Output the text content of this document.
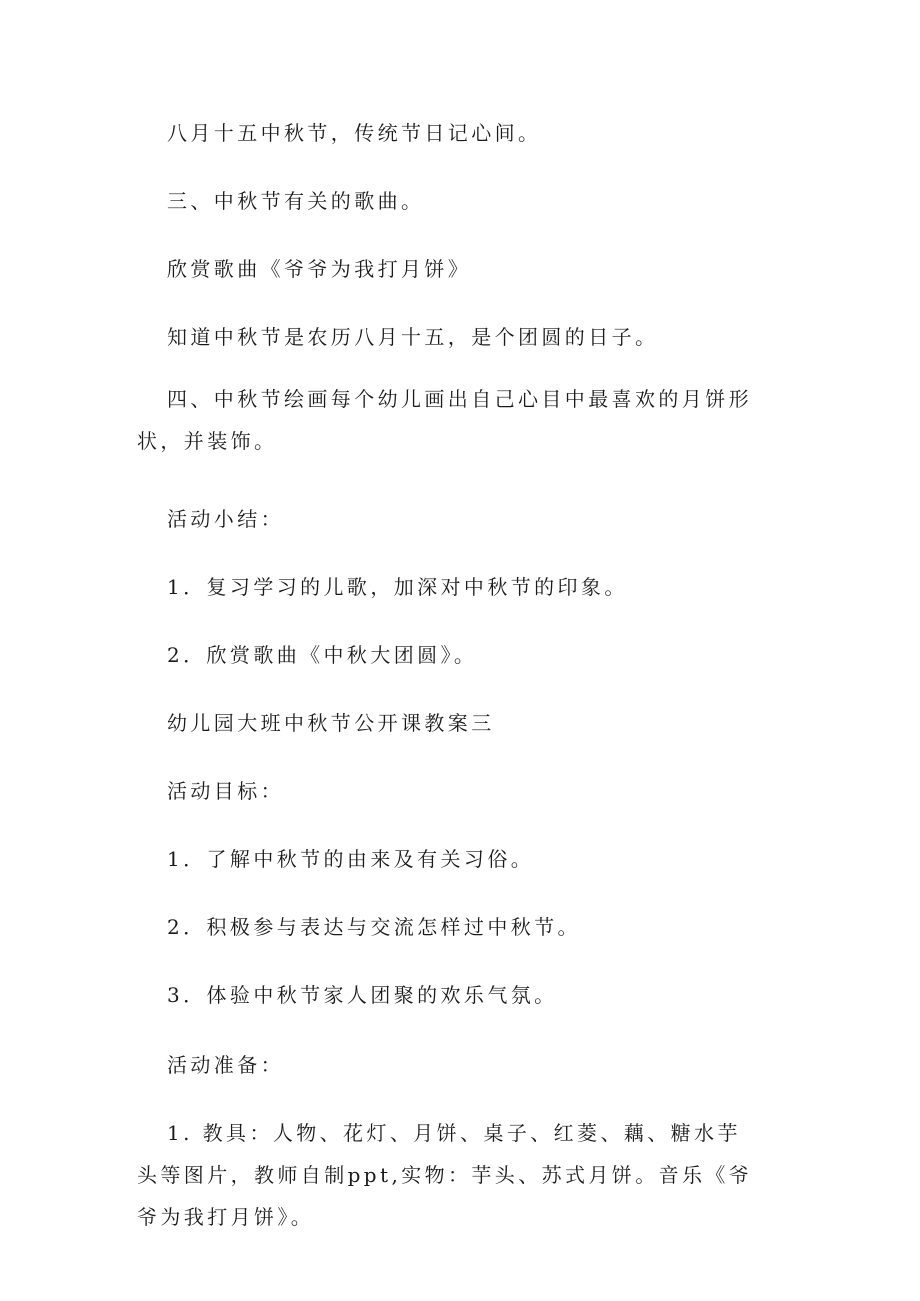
八月十五中秋节，传统节日记心间。

三、中秋节有关的歌曲。

欣赏歌曲《爷爷为我打月饼》

知道中秋节是农历八月十五，是个团圆的日子。

四、中秋节绘画每个幼儿画出自己心目中最喜欢的月饼形状，并装饰。

活动小结：

1．复习学习的儿歌，加深对中秋节的印象。

2．欣赏歌曲《中秋大团圆》。

幼儿园大班中秋节公开课教案三

活动目标：

1．了解中秋节的由来及有关习俗。

2．积极参与表达与交流怎样过中秋节。

3．体验中秋节家人团聚的欢乐气氛。

活动准备：

1. 教具：人物、花灯、月饼、桌子、红菱、藕、糖水芋头等图片，教师自制ppt,实物：芋头、苏式月饼。音乐《爷爷为我打月饼》。
